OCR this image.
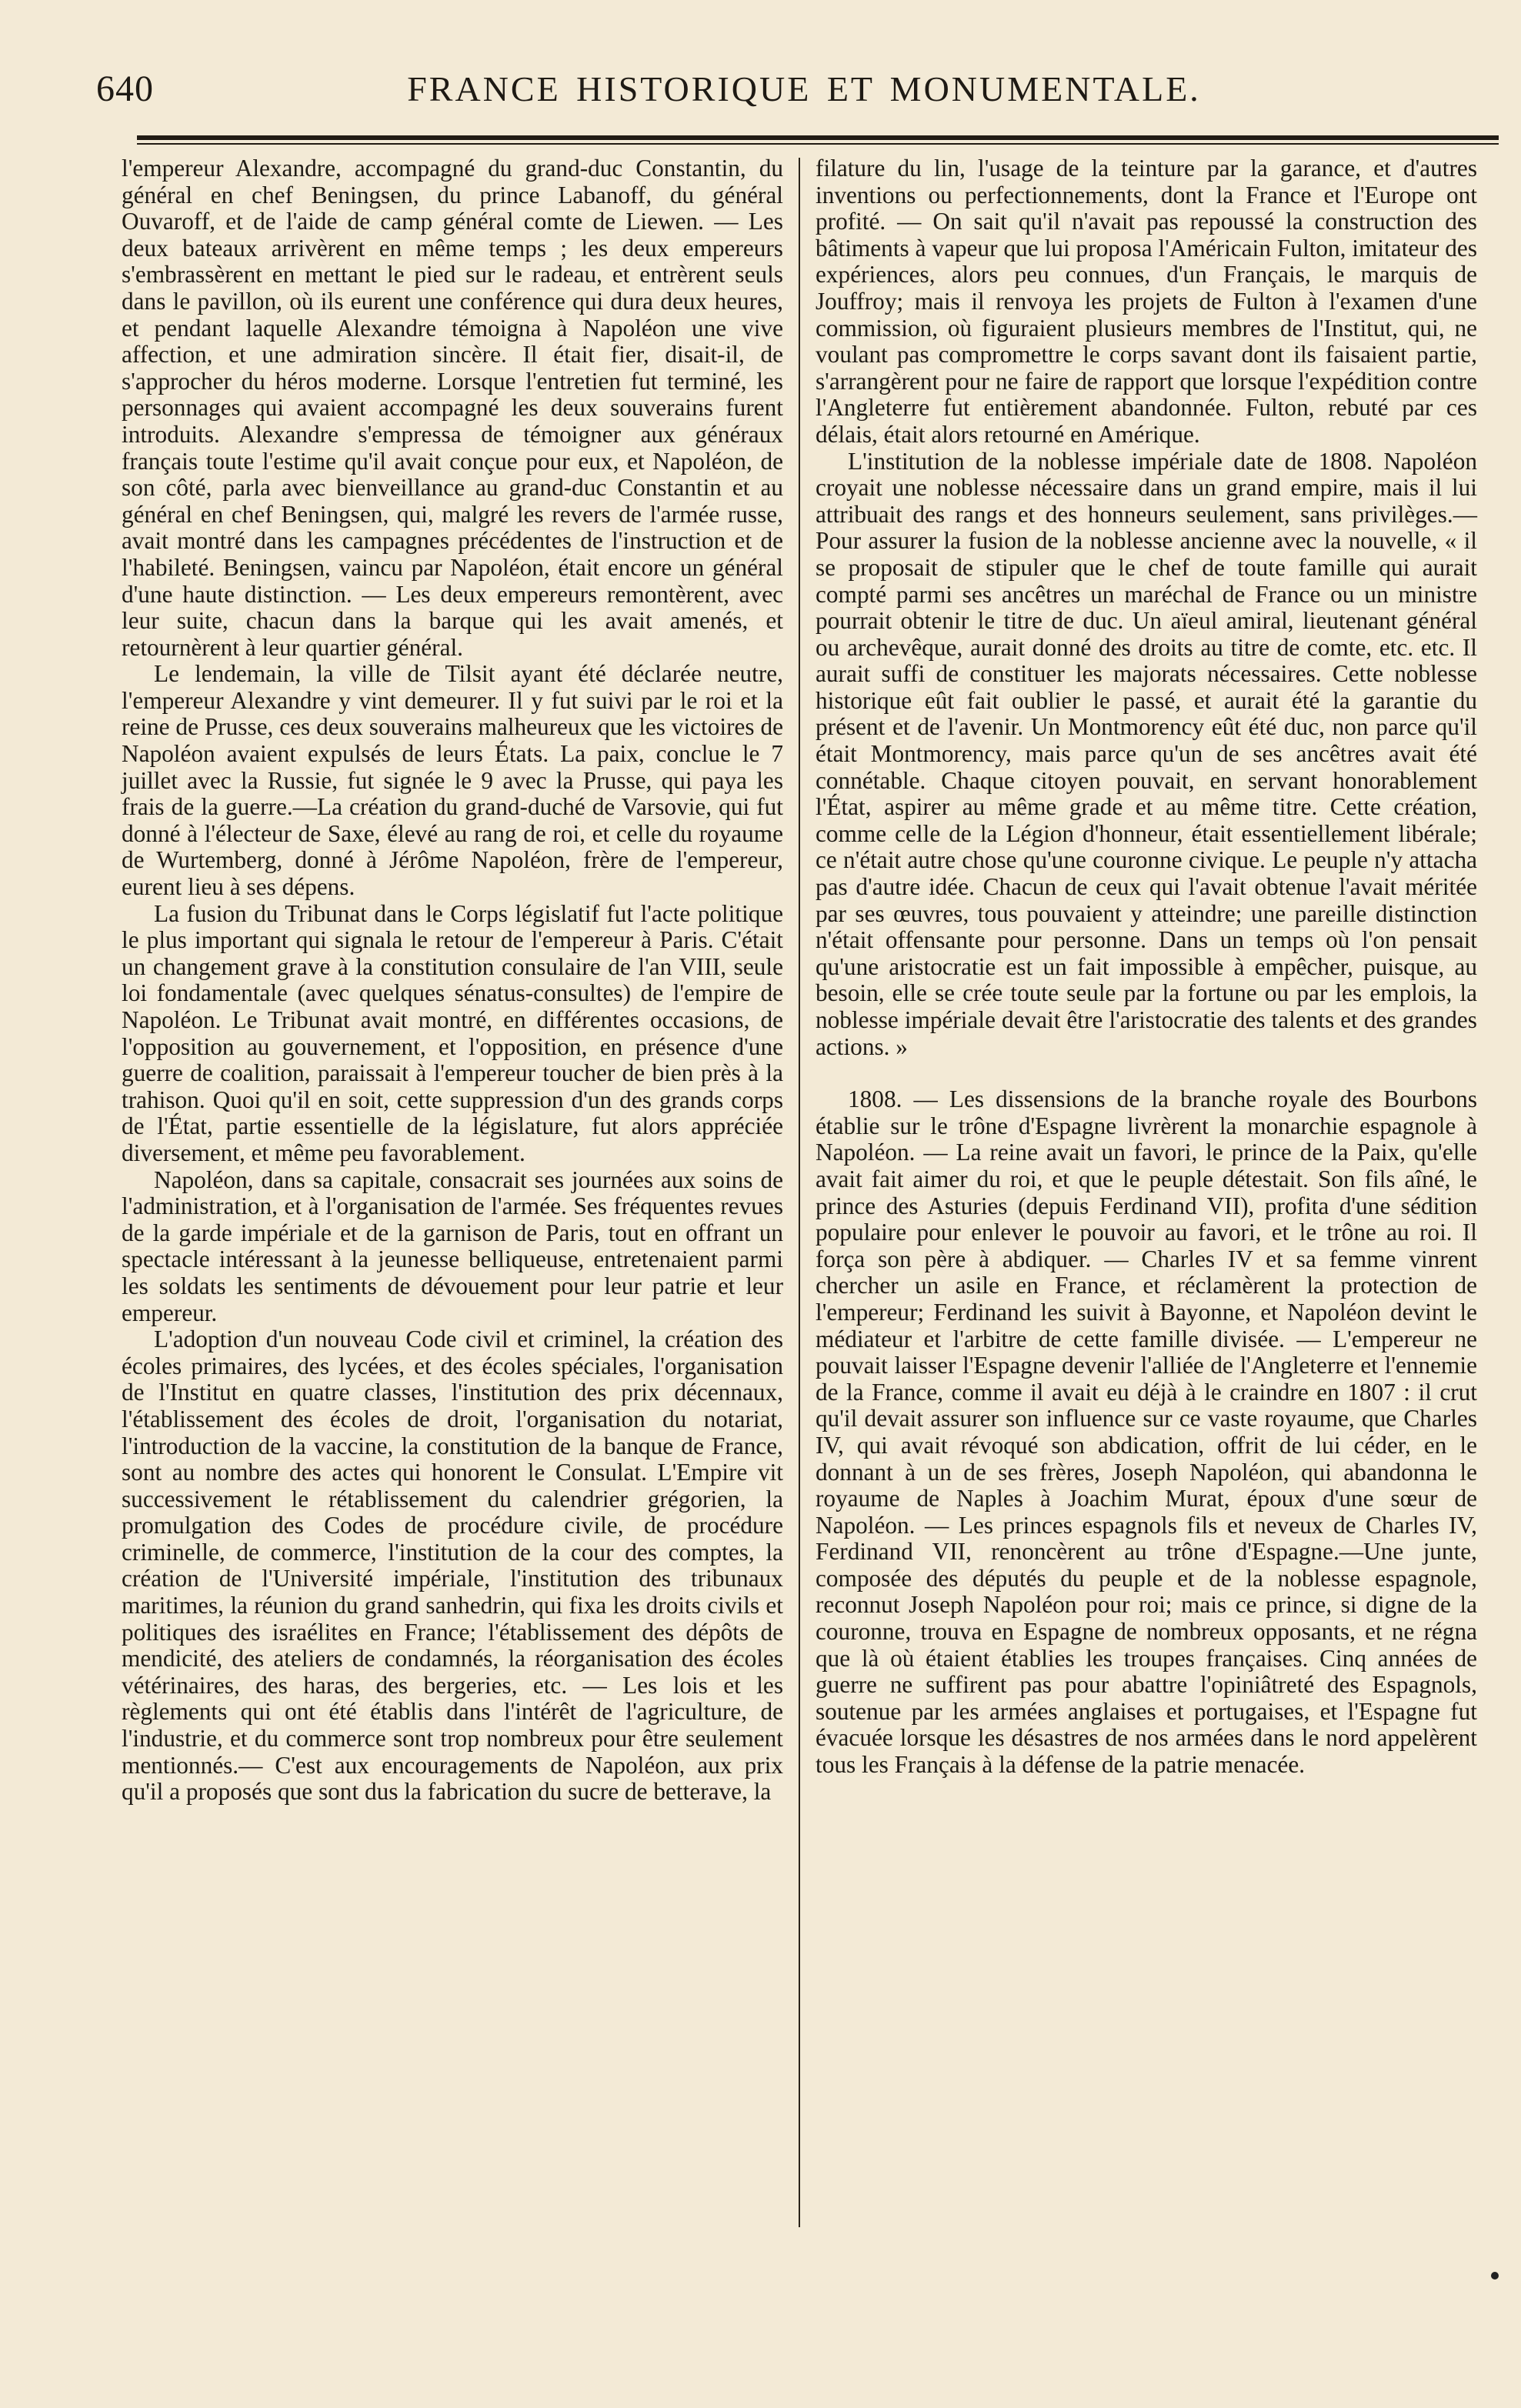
640	FRANCE HISTORIQUE ET MONUMENTALE.

l'empereur Alexandre, accompagné du grand-duc Constantin, du général en chef Beningsen, du prince Labanoff, du général Ouvaroff, et de l'aide de camp général comte de Liewen. — Les deux bateaux arrivèrent en même temps ; les deux empereurs s'embrassèrent en mettant le pied sur le radeau, et entrèrent seuls dans le pavillon, où ils eurent une conférence qui dura deux heures, et pendant laquelle Alexandre témoigna à Napoléon une vive affection, et une admiration sincère. Il était fier, disait-il, de s'approcher du héros moderne. Lorsque l'entretien fut terminé, les personnages qui avaient accompagné les deux souverains furent introduits. Alexandre s'empressa de témoigner aux généraux français toute l'estime qu'il avait conçue pour eux, et Napoléon, de son côté, parla avec bienveillance au grand-duc Constantin et au général en chef Beningsen, qui, malgré les revers de l'armée russe, avait montré dans les campagnes précédentes de l'instruction et de l'habileté. Beningsen, vaincu par Napoléon, était encore un général d'une haute distinction. — Les deux empereurs remontèrent, avec leur suite, chacun dans la barque qui les avait amenés, et retournèrent à leur quartier général.

Le lendemain, la ville de Tilsit ayant été déclarée neutre, l'empereur Alexandre y vint demeurer. Il y fut suivi par le roi et la reine de Prusse, ces deux souverains malheureux que les victoires de Napoléon avaient expulsés de leurs États. La paix, conclue le 7 juillet avec la Russie, fut signée le 9 avec la Prusse, qui paya les frais de la guerre.—La création du grand-duché de Varsovie, qui fut donné à l'électeur de Saxe, élevé au rang de roi, et celle du royaume de Wurtemberg, donné à Jérôme Napoléon, frère de l'empereur, eurent lieu à ses dépens.

La fusion du Tribunat dans le Corps législatif fut l'acte politique le plus important qui signala le retour de l'empereur à Paris. C'était un changement grave à la constitution consulaire de l'an VIII, seule loi fondamentale (avec quelques sénatus-consultes) de l'empire de Napoléon. Le Tribunat avait montré, en différentes occasions, de l'opposition au gouvernement, et l'opposition, en présence d'une guerre de coalition, paraissait à l'empereur toucher de bien près à la trahison. Quoi qu'il en soit, cette suppression d'un des grands corps de l'État, partie essentielle de la législature, fut alors appréciée diversement, et même peu favorablement.

Napoléon, dans sa capitale, consacrait ses journées aux soins de l'administration, et à l'organisation de l'armée. Ses fréquentes revues de la garde impériale et de la garnison de Paris, tout en offrant un spectacle intéressant à la jeunesse belliqueuse, entretenaient parmi les soldats les sentiments de dévouement pour leur patrie et leur empereur.

L'adoption d'un nouveau Code civil et criminel, la création des écoles primaires, des lycées, et des écoles spéciales, l'organisation de l'Institut en quatre classes, l'institution des prix décennaux, l'établissement des écoles de droit, l'organisation du notariat, l'introduction de la vaccine, la constitution de la banque de France, sont au nombre des actes qui honorent le Consulat. L'Empire vit successivement le rétablissement du calendrier grégorien, la promulgation des Codes de procédure civile, de procédure criminelle, de commerce, l'institution de la cour des comptes, la création de l'Université impériale, l'institution des tribunaux maritimes, la réunion du grand sanhedrin, qui fixa les droits civils et politiques des israélites en France; l'établissement des dépôts de mendicité, des ateliers de condamnés, la réorganisation des écoles vétérinaires, des haras, des bergeries, etc. — Les lois et les règlements qui ont été établis dans l'intérêt de l'agriculture, de l'industrie, et du commerce sont trop nombreux pour être seulement mentionnés.— C'est aux encouragements de Napoléon, aux prix qu'il a proposés que sont dus la fabrication du sucre de betterave, la

filature du lin, l'usage de la teinture par la garance, et d'autres inventions ou perfectionnements, dont la France et l'Europe ont profité. — On sait qu'il n'avait pas repoussé la construction des bâtiments à vapeur que lui proposa l'Américain Fulton, imitateur des expériences, alors peu connues, d'un Français, le marquis de Jouffroy; mais il renvoya les projets de Fulton à l'examen d'une commission, où figuraient plusieurs membres de l'Institut, qui, ne voulant pas compromettre le corps savant dont ils faisaient partie, s'arrangèrent pour ne faire de rapport que lorsque l'expédition contre l'Angleterre fut entièrement abandonnée. Fulton, rebuté par ces délais, était alors retourné en Amérique.

L'institution de la noblesse impériale date de 1808. Napoléon croyait une noblesse nécessaire dans un grand empire, mais il lui attribuait des rangs et des honneurs seulement, sans privilèges.— Pour assurer la fusion de la noblesse ancienne avec la nouvelle, « il se proposait de stipuler que le chef de toute famille qui aurait compté parmi ses ancêtres un maréchal de France ou un ministre pourrait obtenir le titre de duc. Un aïeul amiral, lieutenant général ou archevêque, aurait donné des droits au titre de comte, etc. etc. Il aurait suffi de constituer les majorats nécessaires. Cette noblesse historique eût fait oublier le passé, et aurait été la garantie du présent et de l'avenir. Un Montmorency eût été duc, non parce qu'il était Montmorency, mais parce qu'un de ses ancêtres avait été connétable. Chaque citoyen pouvait, en servant honorablement l'État, aspirer au même grade et au même titre. Cette création, comme celle de la Légion d'honneur, était essentiellement libérale; ce n'était autre chose qu'une couronne civique. Le peuple n'y attacha pas d'autre idée. Chacun de ceux qui l'avait obtenue l'avait méritée par ses œuvres, tous pouvaient y atteindre; une pareille distinction n'était offensante pour personne. Dans un temps où l'on pensait qu'une aristocratie est un fait impossible à empêcher, puisque, au besoin, elle se crée toute seule par la fortune ou par les emplois, la noblesse impériale devait être l'aristocratie des talents et des grandes actions. »

1808. — Les dissensions de la branche royale des Bourbons établie sur le trône d'Espagne livrèrent la monarchie espagnole à Napoléon. — La reine avait un favori, le prince de la Paix, qu'elle avait fait aimer du roi, et que le peuple détestait. Son fils aîné, le prince des Asturies (depuis Ferdinand VII), profita d'une sédition populaire pour enlever le pouvoir au favori, et le trône au roi. Il força son père à abdiquer. — Charles IV et sa femme vinrent chercher un asile en France, et réclamèrent la protection de l'empereur; Ferdinand les suivit à Bayonne, et Napoléon devint le médiateur et l'arbitre de cette famille divisée. — L'empereur ne pouvait laisser l'Espagne devenir l'alliée de l'Angleterre et l'ennemie de la France, comme il avait eu déjà à le craindre en 1807 : il crut qu'il devait assurer son influence sur ce vaste royaume, que Charles IV, qui avait révoqué son abdication, offrit de lui céder, en le donnant à un de ses frères, Joseph Napoléon, qui abandonna le royaume de Naples à Joachim Murat, époux d'une sœur de Napoléon. — Les princes espagnols fils et neveux de Charles IV, Ferdinand VII, renoncèrent au trône d'Espagne.—Une junte, composée des députés du peuple et de la noblesse espagnole, reconnut Joseph Napoléon pour roi; mais ce prince, si digne de la couronne, trouva en Espagne de nombreux opposants, et ne régna que là où étaient établies les troupes françaises. Cinq années de guerre ne suffirent pas pour abattre l'opiniâtreté des Espagnols, soutenue par les armées anglaises et portugaises, et l'Espagne fut évacuée lorsque les désastres de nos armées dans le nord appelèrent tous les Français à la défense de la patrie menacée.
